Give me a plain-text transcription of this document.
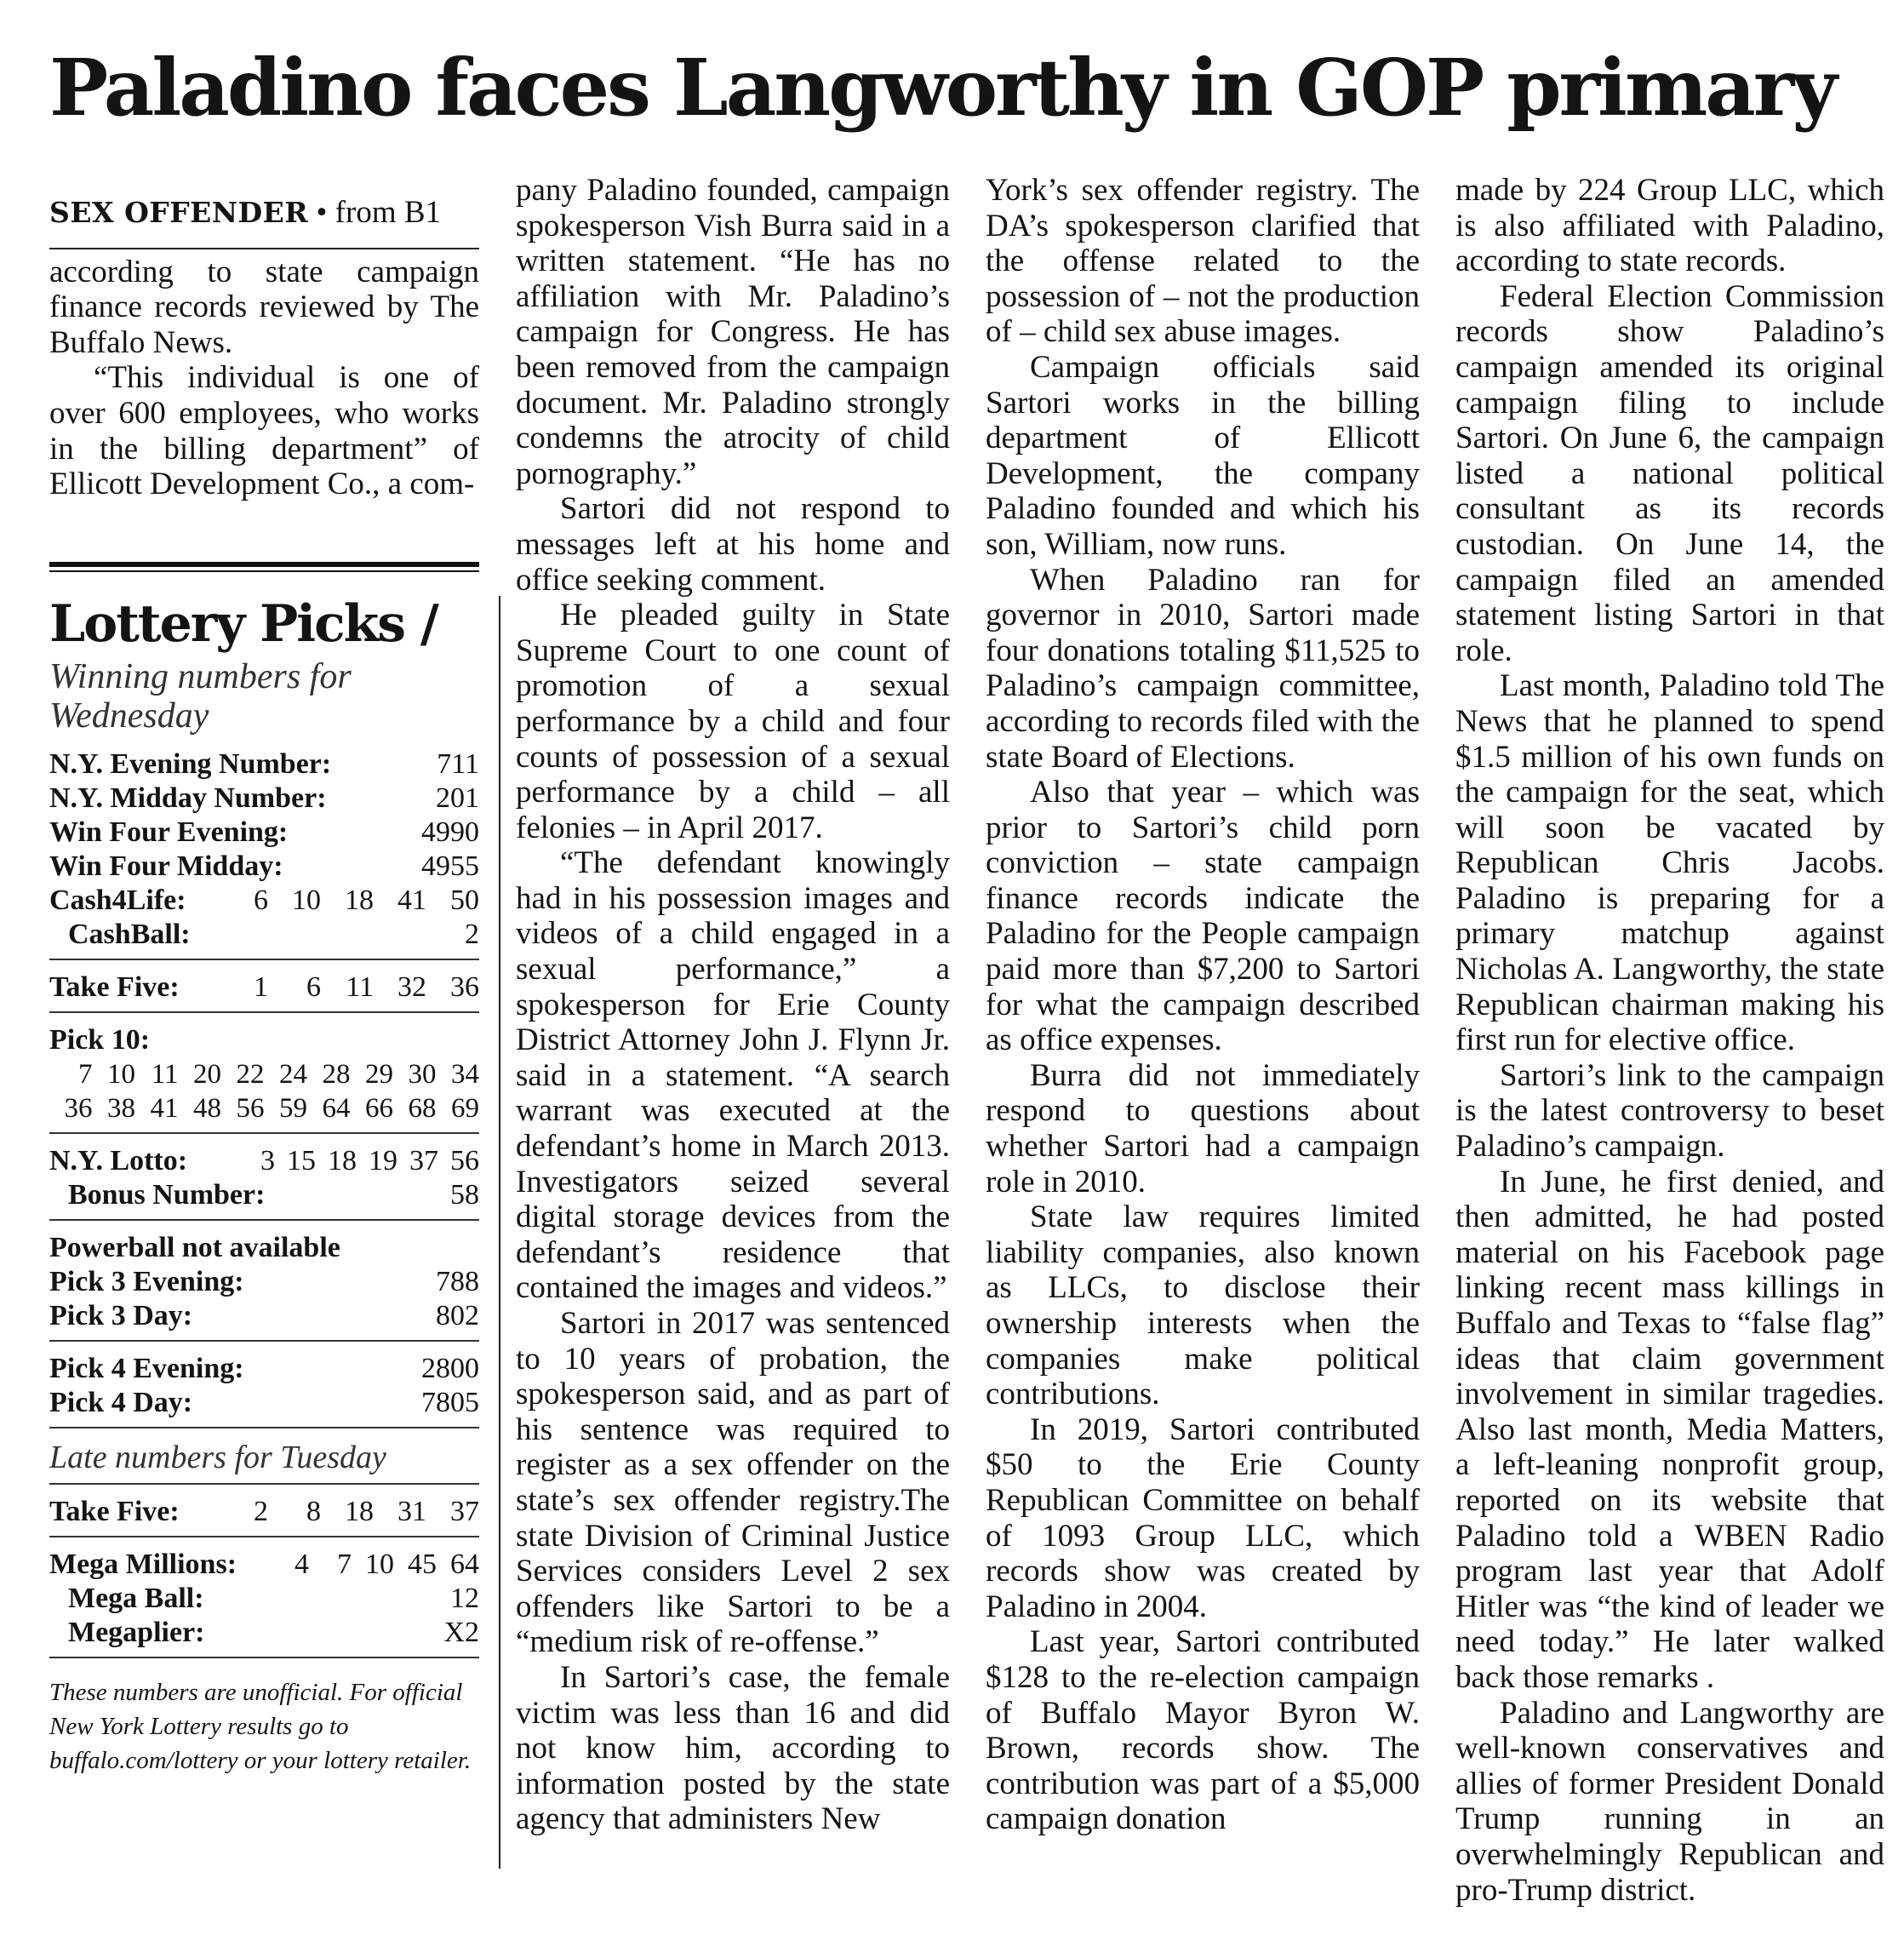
Paladino faces Langworthy in GOP primary
SEX OFFENDER • from B1

according to state campaign finance records reviewed by The Buffalo News.

“This individual is one of over 600 employees, who works in the billing department” of Ellicott Development Co., a com-

Lottery Picks /
Winning numbers for Wednesday
N.Y. Evening Number:	711
N.Y. Midday Number:	201
Win Four Evening:	4990
Win Four Midday:	4955
Cash4Life:	6 10 18 41 50
CashBall:	2
Take Five:	1	6 11 32 36
Pick 10:
7 10 11 20 22 24 28 29 30 34
36 38 41 48 56 59 64 66 68 69
N.Y. Lotto:	3 15 18 19 37 56
Bonus Number:	58
Powerball not available
Pick 3 Evening:	788
Pick 3 Day:	802
Pick 4 Evening:	2800
Pick 4 Day:	7805
Late numbers for Tuesday
Take Five:	2	8 18 31 37
Mega Millions:	4 7 10 45 64
Mega Ball:	12
Megaplier:	X2
These numbers are unofficial. For official New York Lottery results go to buffalo.com/lottery or your lottery retailer.

pany Paladino founded, campaign spokesperson Vish Burra said in a written statement. “He has no affiliation with Mr. Paladino’s campaign for Congress. He has been removed from the campaign document. Mr. Paladino strongly condemns the atrocity of child pornography.”

Sartori did not respond to messages left at his home and office seeking comment.

He pleaded guilty in State Supreme Court to one count of promotion of a sexual performance by a child and four counts of possession of a sexual performance by a child – all felonies – in April 2017.

“The defendant knowingly had in his possession images and videos of a child engaged in a sexual performance,” a spokesperson for Erie County District Attorney John J. Flynn Jr. said in a statement. “A search warrant was executed at the defendant’s home in March 2013. Investigators seized several digital storage devices from the defendant’s residence that contained the images and videos.”

Sartori in 2017 was sentenced to 10 years of probation, the spokesperson said, and as part of his sentence was required to register as a sex offender on the state’s sex offender registry.The state Division of Criminal Justice Services considers Level 2 sex offenders like Sartori to be a “medium risk of re-offense.”

In Sartori’s case, the female victim was less than 16 and did not know him, according to information posted by the state agency that administers New

York’s sex offender registry. The DA’s spokesperson clarified that the offense related to the possession of – not the production of – child sex abuse images.

Campaign officials said Sartori works in the billing department of Ellicott Development, the company Paladino founded and which his son, William, now runs.

When Paladino ran for governor in 2010, Sartori made four donations totaling $11,525 to Paladino’s campaign committee, according to records filed with the state Board of Elections.

Also that year – which was prior to Sartori’s child porn conviction – state campaign finance records indicate the Paladino for the People campaign paid more than $7,200 to Sartori for what the campaign described as office expenses.

Burra did not immediately respond to questions about whether Sartori had a campaign role in 2010.

State law requires limited liability companies, also known as LLCs, to disclose their ownership interests when the companies make political contributions.

In 2019, Sartori contributed $50 to the Erie County Republican Committee on behalf of 1093 Group LLC, which records show was created by Paladino in 2004.

Last year, Sartori contributed $128 to the re-election campaign of Buffalo Mayor Byron W. Brown, records show. The contribution was part of a $5,000 campaign donation

made by 224 Group LLC, which is also affiliated with Paladino, according to state records.

Federal Election Commission records show Paladino’s campaign amended its original campaign filing to include Sartori. On June 6, the campaign listed a national political consultant as its records custodian. On June 14, the campaign filed an amended statement listing Sartori in that role.

Last month, Paladino told The News that he planned to spend $1.5 million of his own funds on the campaign for the seat, which will soon be vacated by Republican Chris Jacobs. Paladino is preparing for a primary matchup against Nicholas A. Langworthy, the state Republican chairman making his first run for elective office.

Sartori’s link to the campaign is the latest controversy to beset Paladino’s campaign.

In June, he first denied, and then admitted, he had posted material on his Facebook page linking recent mass killings in Buffalo and Texas to “false flag” ideas that claim government involvement in similar tragedies. Also last month, Media Matters, a left-leaning nonprofit group, reported on its website that Paladino told a WBEN Radio program last year that Adolf Hitler was “the kind of leader we need today.” He later walked back those remarks .

Paladino and Langworthy are well-known conservatives and allies of former President Donald Trump running in an overwhelmingly Republican and pro-Trump district.
